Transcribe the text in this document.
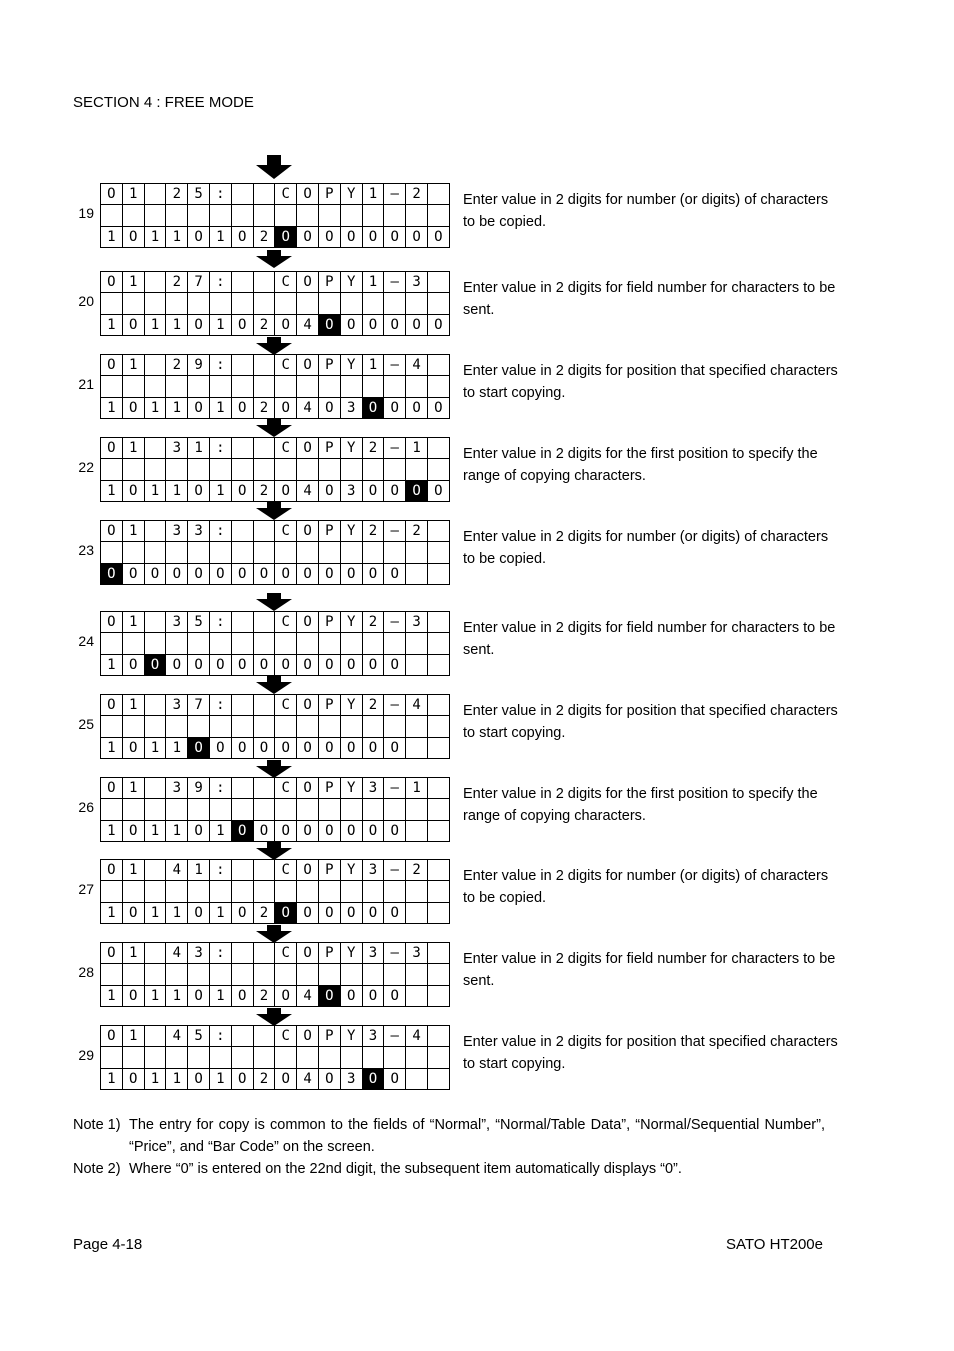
SECTION 4 : FREE MODE
19
O	1		2	5	:			C	O	P	Y	1	—	2	

1	O	1	1	O	1	O	2	O	O	O	O	O	O	O	O
Enter value in 2 digits for number (or digits) of characters to be copied.
20
O	1		2	7	:			C	O	P	Y	1	—	3	

1	O	1	1	O	1	O	2	O	4	O	O	O	O	O	O
Enter value in 2 digits for field number for characters to be sent.
21
O	1		2	9	:			C	O	P	Y	1	—	4	

1	O	1	1	O	1	O	2	O	4	O	3	O	O	O	O
Enter value in 2 digits for position that specified characters to start copying.
22
O	1		3	1	:			C	O	P	Y	2	—	1	

1	O	1	1	O	1	O	2	O	4	O	3	O	O	O	O
Enter value in 2 digits for the first position to specify the range of copying characters.
23
O	1		3	3	:			C	O	P	Y	2	—	2	

O	O	O	O	O	O	O	O	O	O	O	O	O	O		
Enter value in 2 digits for number (or digits) of characters to be copied.
24
O	1		3	5	:			C	O	P	Y	2	—	3	

1	O	O	O	O	O	O	O	O	O	O	O	O	O		
Enter value in 2 digits for field number for characters to be sent.
25
O	1		3	7	:			C	O	P	Y	2	—	4	

1	O	1	1	O	O	O	O	O	O	O	O	O	O		
Enter value in 2 digits for position that specified characters to start copying.
26
O	1		3	9	:			C	O	P	Y	3	—	1	

1	O	1	1	O	1	O	O	O	O	O	O	O	O		
Enter value in 2 digits for the first position to specify the range of copying characters.
27
O	1		4	1	:			C	O	P	Y	3	—	2	

1	O	1	1	O	1	O	2	O	O	O	O	O	O		
Enter value in 2 digits for number (or digits) of characters to be copied.
28
O	1		4	3	:			C	O	P	Y	3	—	3	

1	O	1	1	O	1	O	2	O	4	O	O	O	O		
Enter value in 2 digits for field number for characters to be sent.
29
O	1		4	5	:			C	O	P	Y	3	—	4	

1	O	1	1	O	1	O	2	O	4	O	3	O	O		
Enter value in 2 digits for position that specified characters to start copying.
Note 1) The entry for copy is common to the fields of “Normal”, “Normal/Table Data”, “Normal/Sequential Number”, “Price”, and “Bar Code” on the screen.
Note 2) Where “0” is entered on the 22nd digit, the subsequent item automatically displays “0”.
Page 4-18	SATO HT200e
